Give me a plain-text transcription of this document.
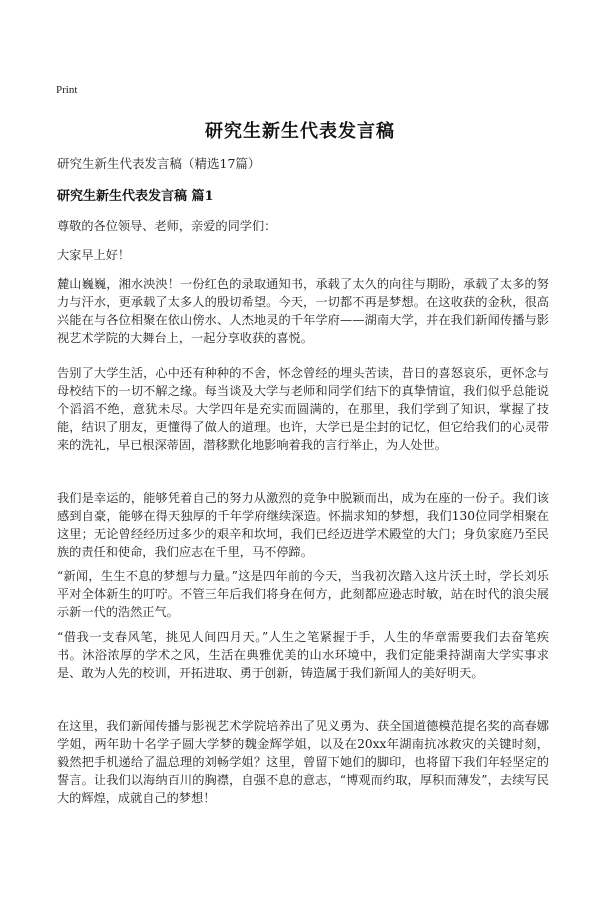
Print
研究生新生代表发言稿
研究生新生代表发言稿（精选17篇）
研究生新生代表发言稿 篇1
尊敬的各位领导、老师，亲爱的同学们：
大家早上好！
麓山巍巍，湘水泱泱！一份红色的录取通知书，承载了太久的向往与期盼，承载了太多的努力与汗水，更承载了太多人的殷切希望。今天，一切都不再是梦想。在这收获的金秋，很高兴能在与各位相聚在依山傍水、人杰地灵的千年学府——湖南大学，并在我们新闻传播与影视艺术学院的大舞台上，一起分享收获的喜悦。
告别了大学生活，心中还有种种的不舍，怀念曾经的埋头苦读，昔日的喜怒哀乐，更怀念与母校结下的一切不解之缘。每当谈及大学与老师和同学们结下的真挚情谊，我们似乎总能说个滔滔不绝，意犹未尽。大学四年是充实而圆满的，在那里，我们学到了知识，掌握了技能，结识了朋友，更懂得了做人的道理。也许，大学已是尘封的记忆，但它给我们的心灵带来的洗礼，早已根深蒂固，潜移默化地影响着我的言行举止，为人处世。
我们是幸运的，能够凭着自己的努力从激烈的竞争中脱颖而出，成为在座的一份子。我们该感到自豪，能够在得天独厚的千年学府继续深造。怀揣求知的梦想，我们130位同学相聚在这里；无论曾经经历过多少的艰辛和坎坷，我们已经迈进学术殿堂的大门；身负家庭乃至民族的责任和使命，我们应志在千里，马不停蹄。
“新闻，生生不息的梦想与力量。”这是四年前的今天，当我初次踏入这片沃土时，学长刘乐平对全体新生的叮咛。不管三年后我们将身在何方，此刻都应逊志时敏，站在时代的浪尖展示新一代的浩然正气。
“借我一支春风笔，挑见人间四月天。”人生之笔紧握于手，人生的华章需要我们去奋笔疾书。沐浴浓厚的学术之风，生活在典雅优美的山水环境中，我们定能秉持湖南大学实事求是、敢为人先的校训，开拓进取、勇于创新，铸造属于我们新闻人的美好明天。
在这里，我们新闻传播与影视艺术学院培养出了见义勇为、获全国道德模范提名奖的高春娜学姐，两年助十名学子圆大学梦的魏金辉学姐，以及在20xx年湖南抗冰救灾的关键时刻，毅然把手机递给了温总理的刘畅学姐？这里，曾留下她们的脚印，也将留下我们年轻坚定的誓言。让我们以海纳百川的胸襟，自强不息的意志，“博观而约取，厚积而薄发”，去续写民大的辉煌，成就自己的梦想！
